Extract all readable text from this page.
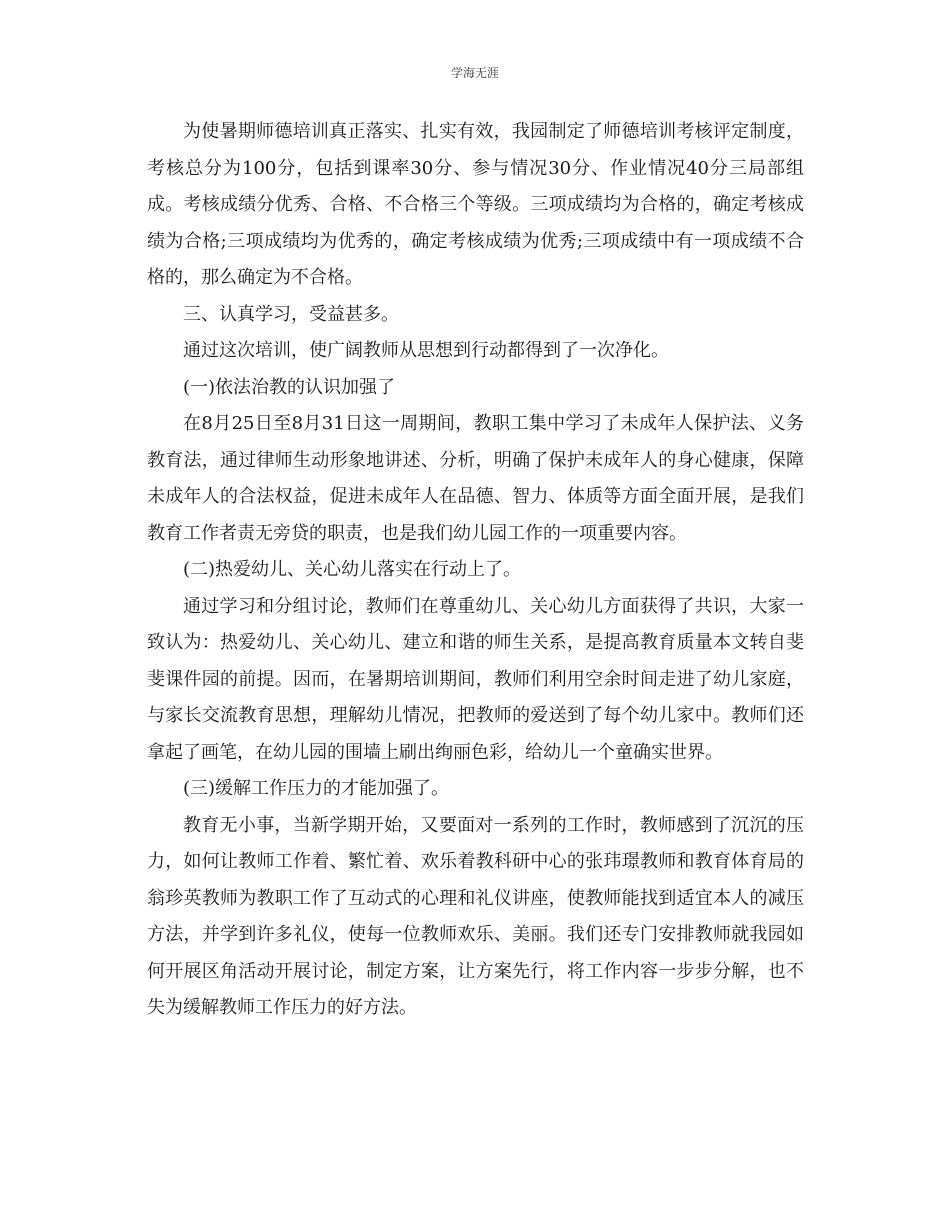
学海无涯

为使暑期师德培训真正落实、扎实有效，我园制定了师德培训考核评定制度，考核总分为100分，包括到课率30分、参与情况30分、作业情况40分三局部组成。考核成绩分优秀、合格、不合格三个等级。三项成绩均为合格的，确定考核成绩为合格;三项成绩均为优秀的，确定考核成绩为优秀;三项成绩中有一项成绩不合格的，那么确定为不合格。

三、认真学习，受益甚多。

通过这次培训，使广阔教师从思想到行动都得到了一次净化。

(一)依法治教的认识加强了

在8月25日至8月31日这一周期间，教职工集中学习了未成年人保护法、义务教育法，通过律师生动形象地讲述、分析，明确了保护未成年人的身心健康，保障未成年人的合法权益，促进未成年人在品德、智力、体质等方面全面开展，是我们教育工作者责无旁贷的职责，也是我们幼儿园工作的一项重要内容。

(二)热爱幼儿、关心幼儿落实在行动上了。

通过学习和分组讨论，教师们在尊重幼儿、关心幼儿方面获得了共识，大家一致认为：热爱幼儿、关心幼儿、建立和谐的师生关系，是提高教育质量本文转自斐斐课件园的前提。因而，在暑期培训期间，教师们利用空余时间走进了幼儿家庭，与家长交流教育思想，理解幼儿情况，把教师的爱送到了每个幼儿家中。教师们还拿起了画笔，在幼儿园的围墙上刷出绚丽色彩，给幼儿一个童确实世界。

(三)缓解工作压力的才能加强了。

教育无小事，当新学期开始，又要面对一系列的工作时，教师感到了沉沉的压力，如何让教师工作着、繁忙着、欢乐着教科研中心的张玮璟教师和教育体育局的翁珍英教师为教职工作了互动式的心理和礼仪讲座，使教师能找到适宜本人的减压方法，并学到许多礼仪，使每一位教师欢乐、美丽。我们还专门安排教师就我园如何开展区角活动开展讨论，制定方案，让方案先行，将工作内容一步步分解，也不失为缓解教师工作压力的好方法。
